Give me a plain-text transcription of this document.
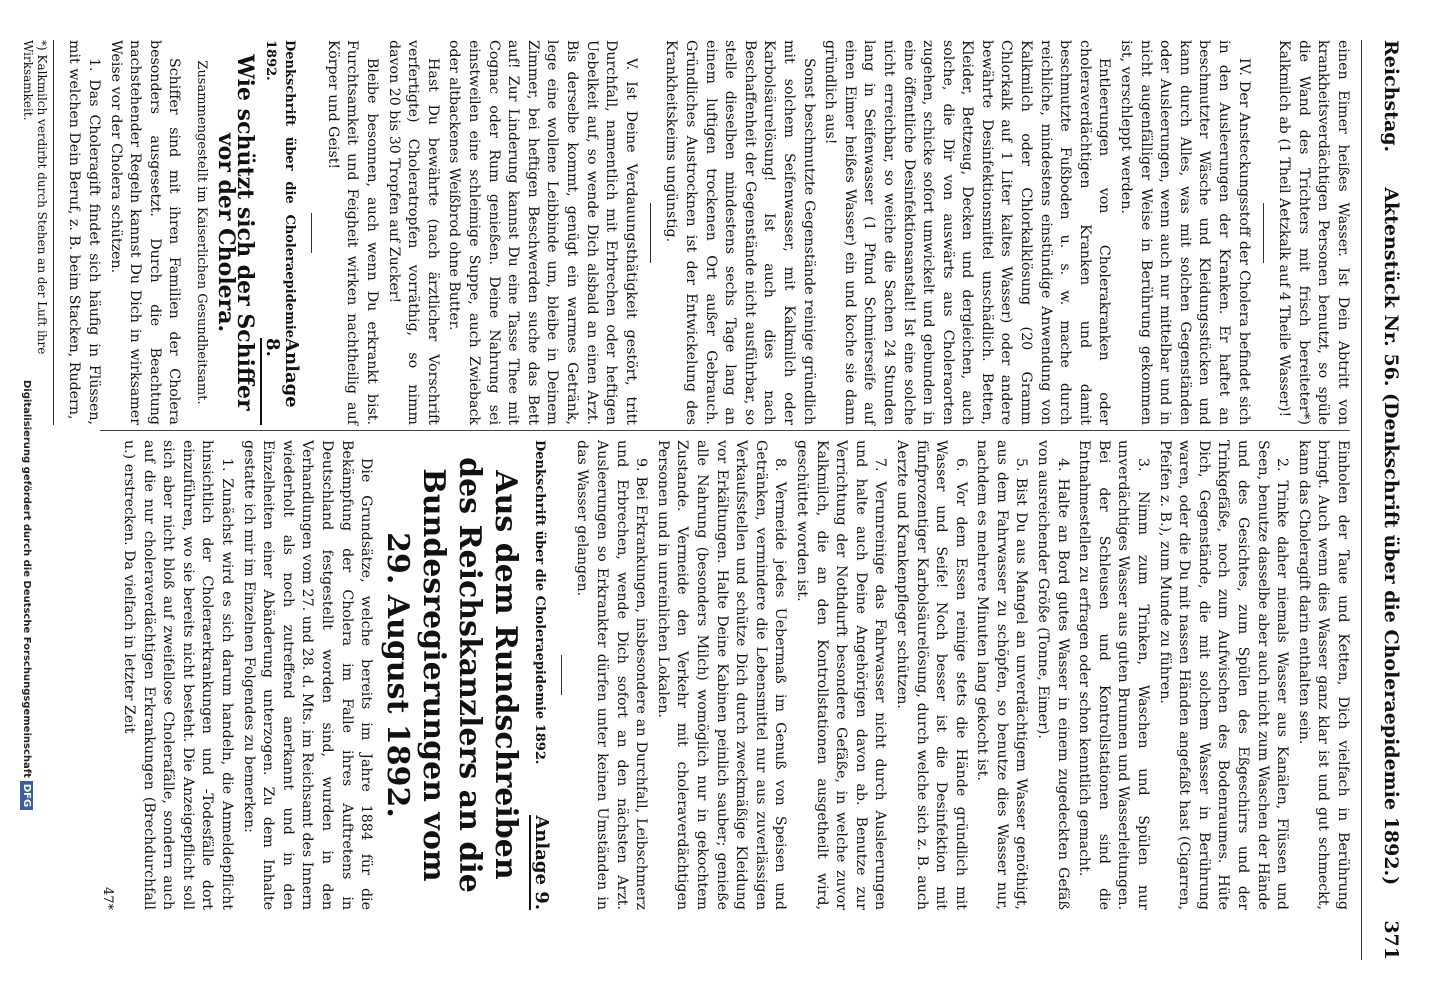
Reichstag.
Aktenstück Nr. 56. (Denkschrift über die Choleraepidemie 1892.)
371

einen Eimer heißes Wasser. Ist Dein Abtritt von krankheitsverdächtigen Personen benutzt, so spüle die Wand des Trichters mit frisch bereiteter*) Kalkmilch ab (1 Theil Aetzkalk auf 4 Theile Wasser)!

IV. Der Ansteckungsstoff der Cholera befindet sich in den Ausleerungen der Kranken. Er haftet an beschmutzter Wäsche und Kleidungsstücken und kann durch Alles, was mit solchen Gegenständen oder Ausleerungen, wenn auch nur mittelbar und in nicht augenfälliger Weise in Berührung gekommen ist, verschleppt werden.

Entleerungen von Cholerakranken oder choleraverdächtigen Kranken und damit beschmutzte Fußboden u. s. w. mache durch reichliche, mindestens einstündige Anwendung von Kalkmilch oder Chlorkalklösung (20 Gramm Chlorkalk auf 1 Liter kaltes Wasser) oder andere bewährte Desinfektionsmittel unschädlich. Betten, Kleider, Bettzeug, Decken und dergleichen, auch solche, die Dir von auswärts aus Choleraorten zugehen, schicke sofort umwickelt und gebunden in eine öffentliche Desinfektionsanstalt! Ist eine solche nicht erreichbar, so weiche die Sachen 24 Stunden lang in Seifenwasser (1 Pfund Schmierseife auf einen Eimer heißes Wasser) ein und koche sie dann gründlich aus!

Sonst beschmutzte Gegenstände reinige gründlich mit solchem Seifenwasser, mit Kalkmilch oder Karbolsäurelösung! Ist auch dies nach Beschaffenheit der Gegenstände nicht ausführbar, so stelle dieselben mindestens sechs Tage lang an einem luftigen trockenen Ort außer Gebrauch. Gründliches Austrocknen ist der Entwickelung des Krankheitskeims ungünstig.

V. Ist Deine Verdauungsthätigkeit gestört, tritt Durchfall, namentlich mit Erbrechen oder heftigen Uebelkeit auf, so wende Dich alsbald an einen Arzt. Bis derselbe kommt, genügt ein warmes Getränk, lege eine wollene Leibbinde um, bleibe in Deinem Zimmer, bei heftigen Beschwerden suche das Bett auf! Zur Linderung kannst Du eine Tasse Thee mit Cognac oder Rum genießen. Deine Nahrung sei einstweilen eine schleimige Suppe, auch Zwieback oder altbackenes Weißbrod ohne Butter.

Hast Du bewährte (nach ärztlicher Vorschrift verfertigte) Choleratropfen vorräthig, so nimm davon 20 bis 30 Tropfen auf Zucker!

Bleibe besonnen, auch wenn Du erkrankt bist. Furchtsamkeit und Feigheit wirken nachtheilig auf Körper und Geist!

Denkschrift über die Choleraepidemie 1892.
Anlage 8.
Wie schützt sich der Schiffer vor der Cholera.
Zusammengestellt im Kaiserlichen Gesundheitsamt.

Schiffer sind mit ihren Familien der Cholera besonders ausgesetzt. Durch die Beachtung nachstehender Regeln kannst Du Dich in wirksamer Weise vor der Cholera schützen.

1. Das Choleragift findet sich häufig in Flüssen, mit welchen Dein Beruf, z. B. beim Stacken, Rudern,

*) Kalkmilch verdirbt durch Stehen an der Luft ihre Wirksamkeit.

Einholen der Taue und Ketten, Dich vielfach in Berührung bringt. Auch wenn dies Wasser ganz klar ist und gut schmeckt, kann das Choleragift darin enthalten sein.

2. Trinke daher niemals Wasser aus Kanälen, Flüssen und Seen, benutze dasselbe aber auch nicht zum Waschen der Hände und des Gesichtes, zum Spülen des Eßgeschirrs und der Trinkgefäße, noch zum Aufwischen des Bodenraumes. Hüte Dich, Gegenstände, die mit solchem Wasser in Berührung waren, oder die Du mit nassen Händen angefaßt hast (Cigarren, Pfeifen z. B.), zum Munde zu führen.

3. Nimm zum Trinken, Waschen und Spülen nur unverdächtiges Wasser aus guten Brunnen und Wasserleitungen. Bei der Schleusen und Kontrollstationen sind die Entnahmestellen zu erfragen oder schon kenntlich gemacht.

4. Halte an Bord gutes Wasser in einem zugedeckten Gefäß von ausreichender Größe (Tonne, Eimer).

5. Bist Du aus Mangel an unverdächtigem Wasser genöthigt, aus dem Fahrwasser zu schöpfen, so benutze dies Wasser nur, nachdem es mehrere Minuten lang gekocht ist.

6. Vor dem Essen reinige stets die Hände gründlich mit Wasser und Seife! Noch besser ist die Desinfektion mit fünfprozentiger Karbolsäurelösung, durch welche sich z. B. auch Aerzte und Krankenpfleger schützen.

7. Verunreinige das Fahrwasser nicht durch Ausleerungen und halte auch Deine Angehörigen davon ab. Benutze zur Verrichtung der Nothdurft besondere Gefäße, in welche zuvor Kalkmilch, die an den Kontrollstationen ausgetheilt wird, geschüttet worden ist.

8. Vermeide jedes Uebermaß im Genuß von Speisen und Getränken, vermindere die Lebensmittel nur aus zuverlässigen Verkaufsstellen und schütze Dich durch zweckmäßige Kleidung vor Erkältungen. Halte Deine Kabinen peinlich sauber; genieße alle Nahrung (besonders Milch) womöglich nur in gekochtem Zustande. Vermeide den Verkehr mit choleraverdächtigen Personen und in unreinlichen Lokalen.

9. Bei Erkrankungen, insbesondere an Durchfall, Leibschmerz und Erbrechen, wende Dich sofort an den nächsten Arzt. Ausleerungen so Erkrankter dürfen unter keinen Umständen in das Wasser gelangen.

Denkschrift über die Choleraepidemie 1892.
Anlage 9.
Aus dem Rundschreiben des Reichskanzlers an die Bundesregierungen vom 29. August 1892.

Die Grundsätze, welche bereits im Jahre 1884 für die Bekämpfung der Cholera im Falle ihres Auftretens in Deutschland festgestellt worden sind, wurden in den Verhandlungen vom 27. und 28. d. Mts. im Reichsamt des Innern wiederholt als noch zutreffend anerkannt und in den Einzelheiten einer Abänderung unterzogen. Zu dem Inhalte gestatte ich mir im Einzelnen Folgendes zu bemerken:

1. Zunächst wird es sich darum handeln, die Anmeldepflicht hinsichtlich der Cholerаerkrankungen und -Todesfälle dort einzuführen, wo sie bereits nicht besteht. Die Anzeigepflicht soll sich aber nicht bloß auf zweifellose Cholerafälle, sondern auch auf die nur choleraverdächtigen Erkrankungen (Brechdurchfall u.) erstrecken. Da vielfach in letzter Zeit

47*
Digitalisierung gefördert durch die Deutsche ForschungsgemeinschaftDFG
